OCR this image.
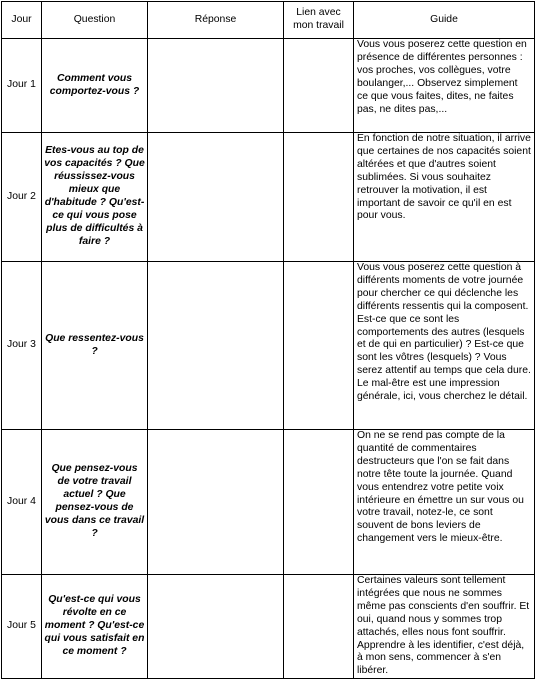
Jour	Question	Réponse	Lien avec mon travail	Guide
Jour 1	Comment vous comportez-vous ?			Vous vous poserez cette question en présence de différentes personnes : vos proches, vos collègues, votre boulanger,... Observez simplement ce que vous faites, dites, ne faites pas, ne dites pas,...
Jour 2	Etes-vous au top de vos capacités ? Que réussissez-vous mieux que d'habitude ? Qu'est-ce qui vous pose plus de difficultés à faire ?			En fonction de notre situation, il arrive que certaines de nos capacités soient altérées et que d'autres soient sublimées. Si vous souhaitez retrouver la motivation, il est important de savoir ce qu'il en est pour vous.
Jour 3	Que ressentez-vous ?			Vous vous poserez cette question à différents moments de votre journée pour chercher ce qui déclenche les différents ressentis qui la composent. Est-ce que ce sont les comportements des autres (lesquels et de qui en particulier) ? Est-ce que sont les vôtres (lesquels) ? Vous serez attentif au temps que cela dure. Le mal-être est une impression générale, ici, vous cherchez le détail.
Jour 4	Que pensez-vous de votre travail actuel ? Que pensez-vous de vous dans ce travail ?			On ne se rend pas compte de la quantité de commentaires destructeurs que l'on se fait dans notre tête toute la journée. Quand vous entendrez votre petite voix intérieure en émettre un sur vous ou votre travail, notez-le, ce sont souvent de bons leviers de changement vers le mieux-être.
Jour 5	Qu'est-ce qui vous révolte en ce moment ? Qu'est-ce qui vous satisfait en ce moment ?			Certaines valeurs sont tellement intégrées que nous ne sommes même pas conscients d'en souffrir. Et oui, quand nous y sommes trop attachés, elles nous font souffrir. Apprendre à les identifier, c'est déjà, à mon sens, commencer à s'en libérer.
